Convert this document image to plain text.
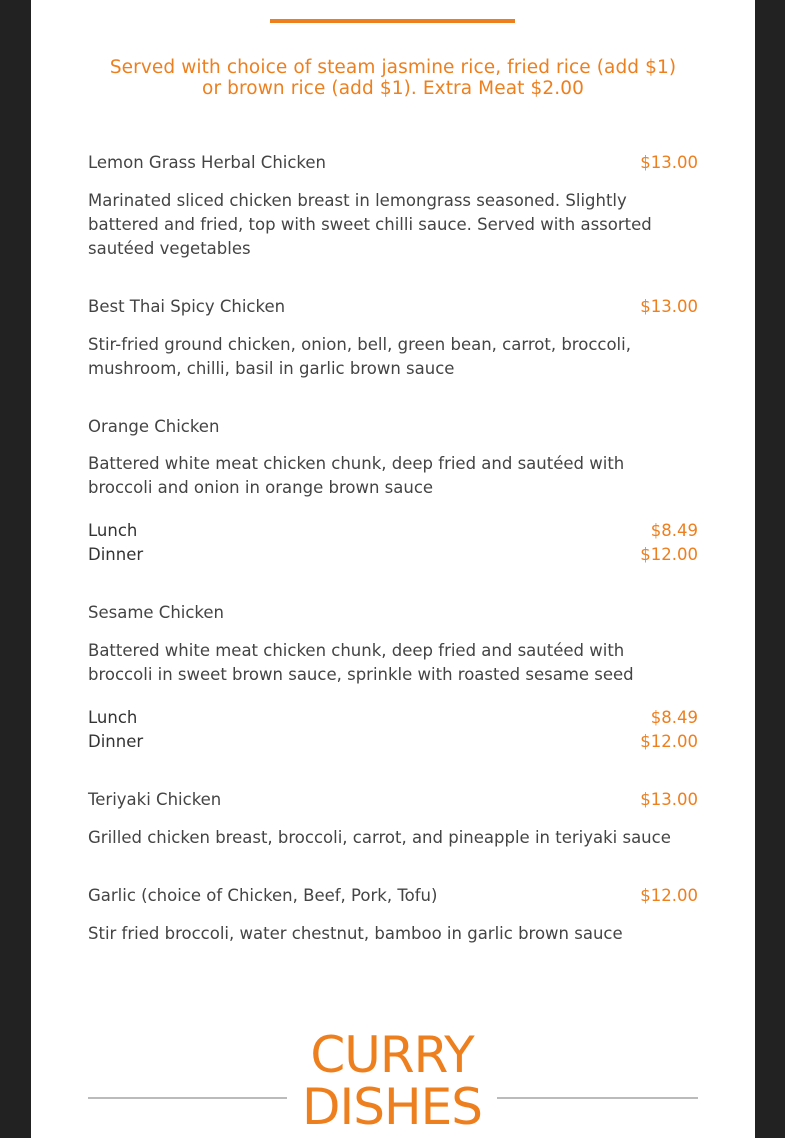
Served with choice of steam jasmine rice, fried rice (add $1)
or brown rice (add $1). Extra Meat $2.00
Lemon Grass Herbal Chicken	$13.00
Marinated sliced chicken breast in lemongrass seasoned. Slightly
battered and fried, top with sweet chilli sauce. Served with assorted
sautéed vegetables
Best Thai Spicy Chicken	$13.00
Stir-fried ground chicken, onion, bell, green bean, carrot, broccoli,
mushroom, chilli, basil in garlic brown sauce
Orange Chicken
Battered white meat chicken chunk, deep fried and sautéed with
broccoli and onion in orange brown sauce
Lunch	$8.49
Dinner	$12.00
Sesame Chicken
Battered white meat chicken chunk, deep fried and sautéed with
broccoli in sweet brown sauce, sprinkle with roasted sesame seed
Lunch	$8.49
Dinner	$12.00
Teriyaki Chicken	$13.00
Grilled chicken breast, broccoli, carrot, and pineapple in teriyaki sauce
Garlic (choice of Chicken, Beef, Pork, Tofu)	$12.00
Stir fried broccoli, water chestnut, bamboo in garlic brown sauce
CURRY
DISHES
